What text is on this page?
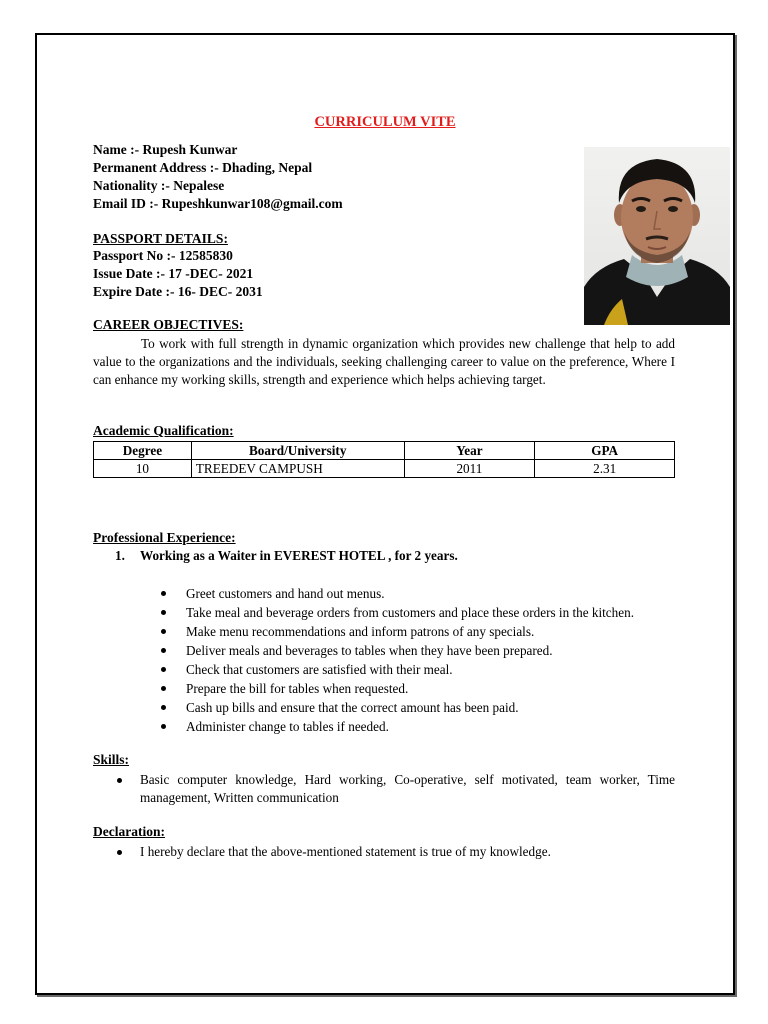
CURRICULUM VITE
Name :- Rupesh Kunwar
Permanent Address :- Dhading, Nepal
Nationality :- Nepalese
Email ID :- Rupeshkunwar108@gmail.com
PASSPORT DETAILS:
Passport No :- 12585830
Issue Date :- 17 -DEC- 2021
Expire Date :- 16- DEC- 2031
CAREER OBJECTIVES:
To work with full strength in dynamic organization which provides new challenge that help to add value to the organizations and the individuals, seeking challenging career to value on the preference, Where I can enhance my working skills, strength and experience which helps achieving target.
Academic Qualification:
Degree	Board/University	Year	GPA
10	TREEDEV CAMPUSH	2011	2.31
Professional Experience:
1. Working as a Waiter in EVEREST HOTEL , for 2 years.
Greet customers and hand out menus.
Take meal and beverage orders from customers and place these orders in the kitchen.
Make menu recommendations and inform patrons of any specials.
Deliver meals and beverages to tables when they have been prepared.
Check that customers are satisfied with their meal.
Prepare the bill for tables when requested.
Cash up bills and ensure that the correct amount has been paid.
Administer change to tables if needed.
Skills:
Basic computer knowledge, Hard working, Co-operative, self motivated, team worker, Time management, Written communication
Declaration:
I hereby declare that the above-mentioned statement is true of my knowledge.
